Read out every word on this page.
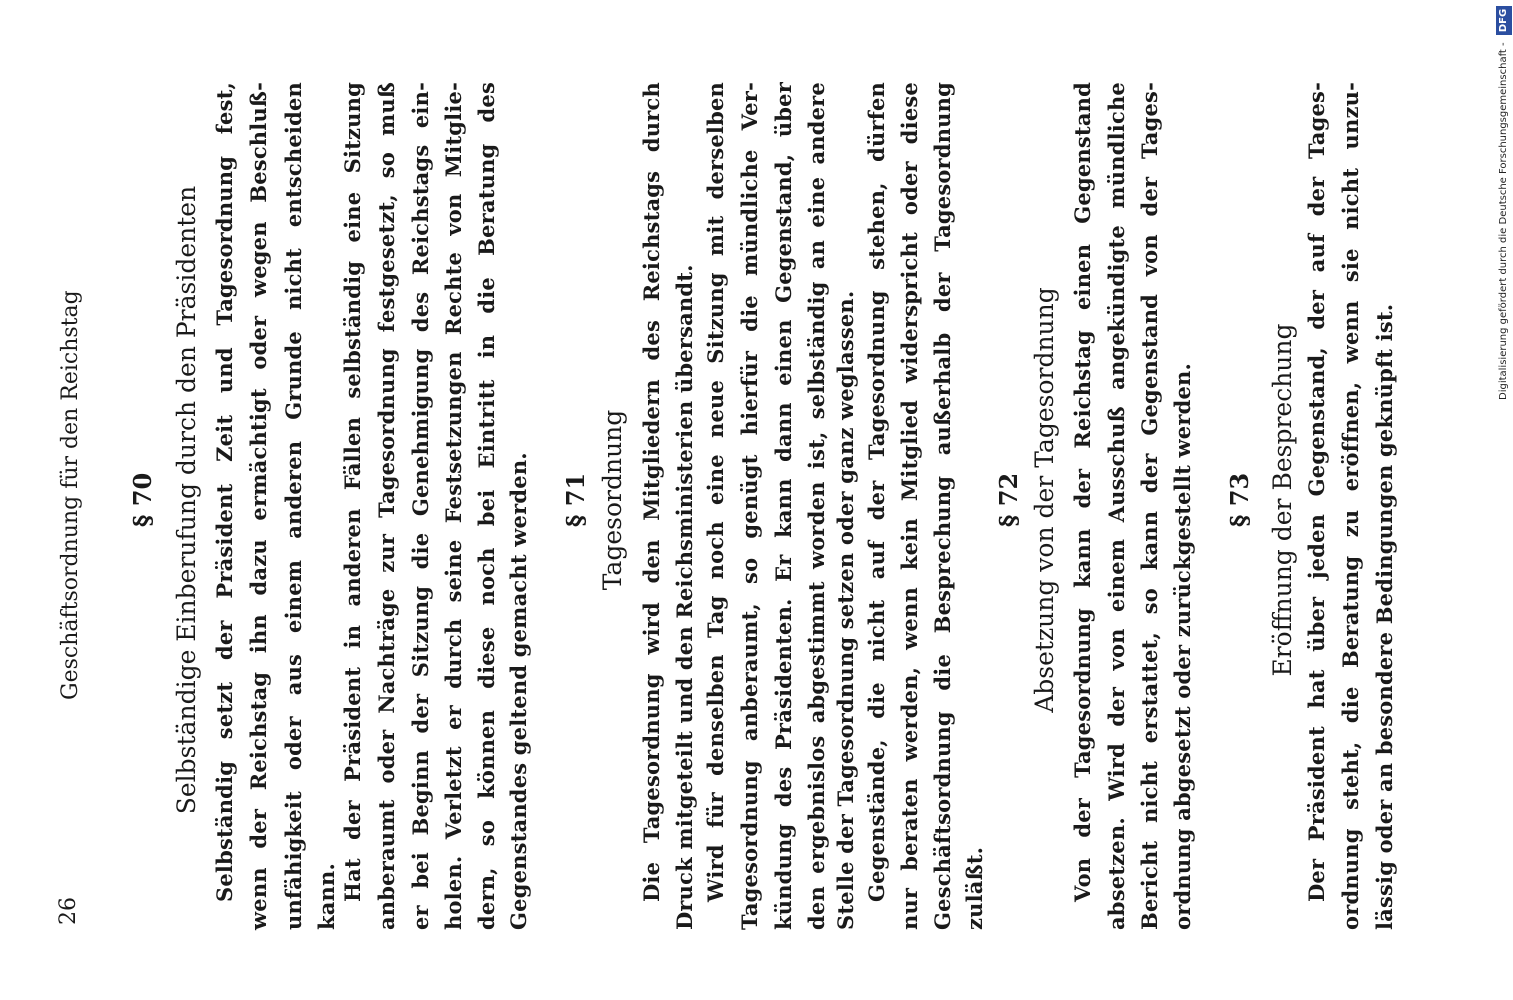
26
Geschäftsordnung für den Reichstag § 70 Selbständige Einberufung durch den Präsidenten Selbständig setzt der Präsident Zeit und Tagesordnung fest, wenn der Reichstag ihn dazu ermächtigt oder wegen Beschluß- unfähigkeit oder aus einem anderen Grunde nicht entscheiden kann. Hat der Präsident in anderen Fällen selbständig eine Sitzung anberaumt oder Nachträge zur Tagesordnung festgesetzt, so muß er bei Beginn der Sitzung die Genehmigung des Reichstags ein- holen. Verletzt er durch seine Festsetzungen Rechte von Mitglie- dern, so können diese noch bei Eintritt in die Beratung des Gegenstandes geltend gemacht werden. § 71 Tagesordnung Die Tagesordnung wird den Mitgliedern des Reichstags durch Druck mitgeteilt und den Reichsministerien übersandt. Wird für denselben Tag noch eine neue Sitzung mit derselben Tagesordnung anberaumt, so genügt hierfür die mündliche Ver- kündung des Präsidenten. Er kann dann einen Gegenstand, über den ergebnislos abgestimmt worden ist, selbständig an eine andere Stelle der Tagesordnung setzen oder ganz weglassen. Gegenstände, die nicht auf der Tagesordnung stehen, dürfen nur beraten werden, wenn kein Mitglied widerspricht oder diese Geschäftsordnung die Besprechung außerhalb der Tagesordnung zuläßt.
§ 72 Absetzung von der Tagesordnung Von der Tagesordnung kann der Reichstag einen Gegenstand absetzen. Wird der von einem Ausschuß angekündigte mündliche Bericht nicht erstattet, so kann der Gegenstand von der Tages- ordnung abgesetzt oder zurückgestellt werden. § 73 Eröffnung der Besprechung Der Präsident hat über jeden Gegenstand, der auf der Tages- ordnung steht, die Beratung zu eröffnen, wenn sie nicht unzu- lässig oder an besondere Bedingungen geknüpft ist.
Digitalisierung gefördert durch die Deutsche Forschungsgemeinschaft - DFG
